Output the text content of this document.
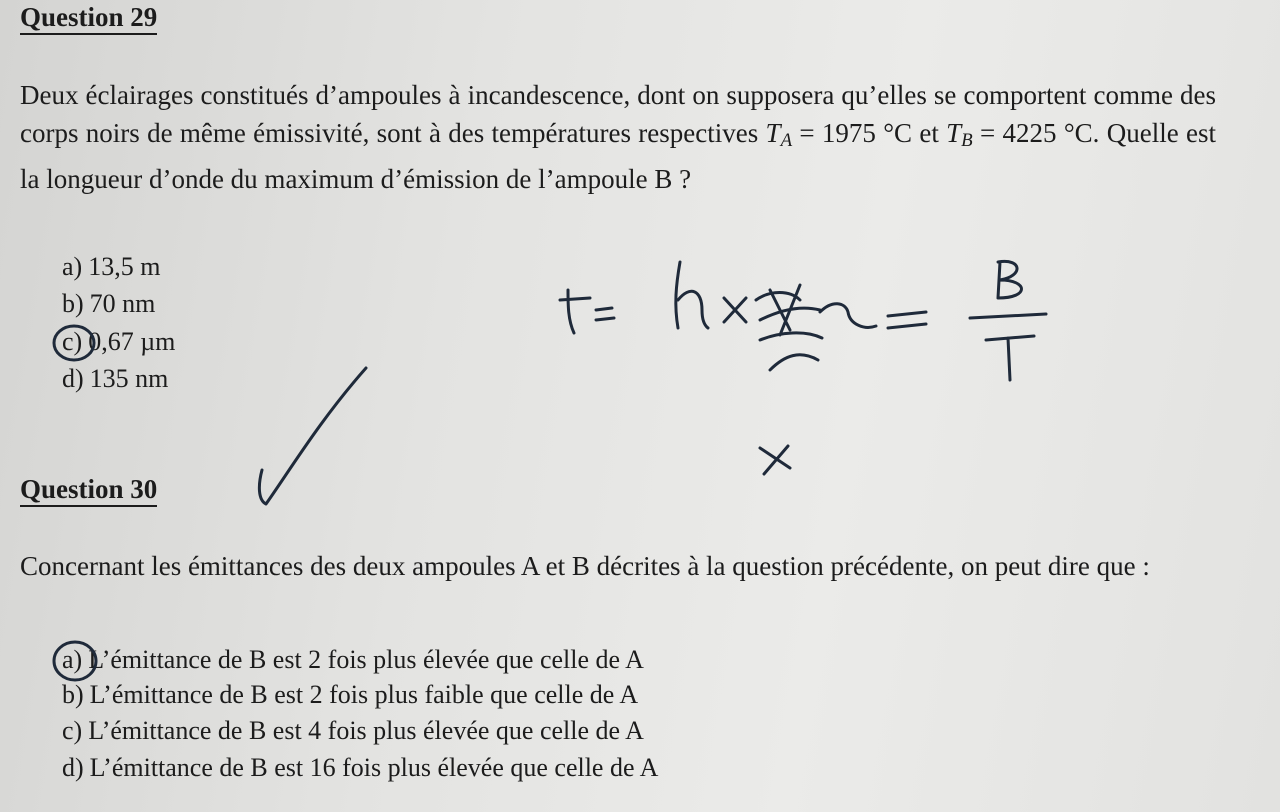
Question 29

Deux éclairages constitués d’ampoules à incandescence, dont on supposera qu’elles se comportent comme des corps noirs de même émissivité, sont à des températures respectives $T_A = 1975$ °C et $T_B = 4225$ °C. Quelle est la longueur d’onde du maximum d’émission de l’ampoule B ?

a) 13,5 m
b) 70 nm
c) 0,67 µm
d) 135 nm
Question 30

Concernant les émittances des deux ampoules A et B décrites à la question précédente, on peut dire que :

a) L’émittance de B est 2 fois plus élevée que celle de A
b) L’émittance de B est 2 fois plus faible que celle de A
c) L’émittance de B est 4 fois plus élevée que celle de A
d) L’émittance de B est 16 fois plus élevée que celle de A
